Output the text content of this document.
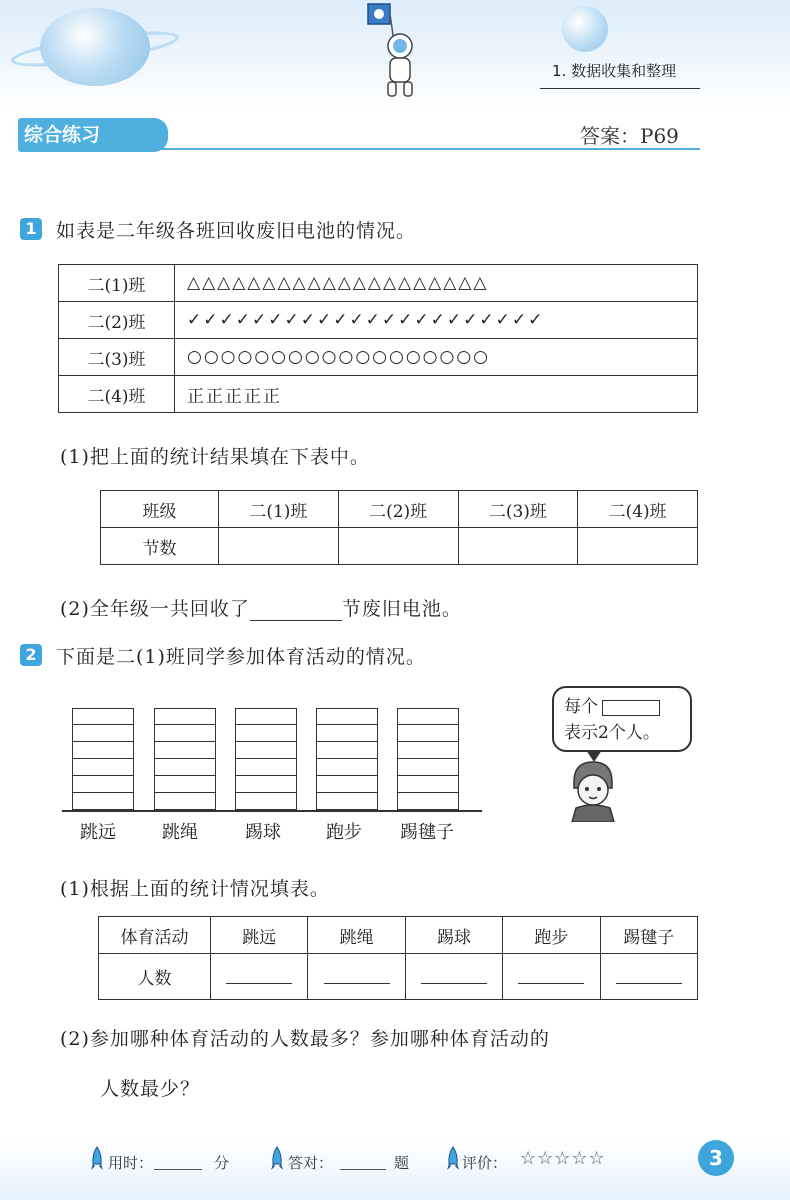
1. 数据收集和整理
综合练习	答案：P69
1 如表是二年级各班回收废旧电池的情况。
二(1)班	△△△△△△△△△△△△△△△△△△△△
二(2)班	✓✓✓✓✓✓✓✓✓✓✓✓✓✓✓✓✓✓✓✓✓✓
二(3)班	○○○○○○○○○○○○○○○○○○
二(4)班	正正正正正
(1)把上面的统计结果填在下表中。
班级	二(1)班	二(2)班	二(3)班	二(4)班
节数				
(2)全年级一共回收了	节废旧电池。
2 下面是二(1)班同学参加体育活动的情况。
跳远	跳绳	踢球	跑步 踢毽子
每个
表示2个人。
(1)根据上面的统计情况填表。
体育活动	跳远	跳绳	踢球	跑步	踢毽子
人数					
(2)参加哪种体育活动的人数最多？参加哪种体育活动的
人数最少？
用时：	分	答对：	题	评价： ☆☆☆☆☆	3
